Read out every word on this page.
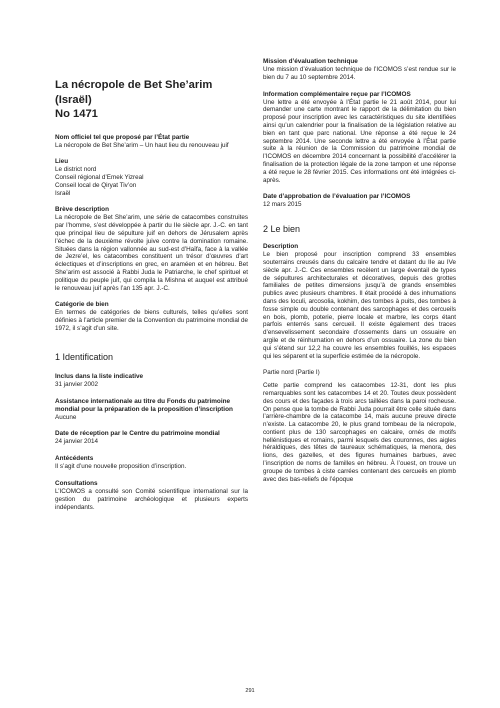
La nécropole de Bet She’arim
(Israël)
No 1471

Nom officiel tel que proposé par l’État partie

La nécropole de Bet She’arim – Un haut lieu du renouveau juif

Lieu

Le district nord
Conseil régional d’Emek Yizreal
Conseil local de Qiryat Tiv’on
Israël

Brève description

La nécropole de Bet She’arim, une série de catacombes construites par l’homme, s’est développée à partir du IIe siècle apr. J.-C. en tant que principal lieu de sépulture juif en dehors de Jérusalem après l’échec de la deuxième révolte juive contre la domination romaine. Situées dans la région vallonnée au sud-est d’Haïfa, face à la vallée de Jezre’el, les catacombes constituent un trésor d’œuvres d’art éclectiques et d’inscriptions en grec, en araméen et en hébreu. Bet She’arim est associé à Rabbi Juda le Patriarche, le chef spirituel et politique du peuple juif, qui compila la Mishna et auquel est attribué le renouveau juif après l’an 135 apr. J.-C.

Catégorie de bien

En termes de catégories de biens culturels, telles qu’elles sont définies à l’article premier de la Convention du patrimoine mondial de 1972, il s’agit d’un site.

1 Identification

Inclus dans la liste indicative

31 janvier 2002

Assistance internationale au titre du Fonds du patrimoine mondial pour la préparation de la proposition d’inscription

Aucune

Date de réception par le Centre du patrimoine mondial

24 janvier 2014

Antécédents

Il s’agit d’une nouvelle proposition d’inscription.

Consultations

L’ICOMOS a consulté son Comité scientifique international sur la gestion du patrimoine archéologique et plusieurs experts indépendants.

Mission d’évaluation technique

Une mission d’évaluation technique de l’ICOMOS s’est rendue sur le bien du 7 au 10 septembre 2014.

Information complémentaire reçue par l’ICOMOS

Une lettre a été envoyée à l’État partie le 21 août 2014, pour lui demander une carte montrant le rapport de la délimitation du bien proposé pour inscription avec les caractéristiques du site identifiées ainsi qu’un calendrier pour la finalisation de la législation relative au bien en tant que parc national. Une réponse a été reçue le 24 septembre 2014. Une seconde lettre a été envoyée à l’État partie suite à la réunion de la Commission du patrimoine mondial de l’ICOMOS en décembre 2014 concernant la possibilité d’accélérer la finalisation de la protection légale de la zone tampon et une réponse a été reçue le 28 février 2015. Ces informations ont été intégrées ci-après.

Date d’approbation de l’évaluation par l’ICOMOS

12 mars 2015

2 Le bien

Description

Le bien proposé pour inscription comprend 33 ensembles souterrains creusés dans du calcaire tendre et datant du IIe au IVe siècle apr. J.-C. Ces ensembles recèlent un large éventail de types de sépultures architecturales et décoratives, depuis des grottes familiales de petites dimensions jusqu’à de grands ensembles publics avec plusieurs chambres. Il était procédé à des inhumations dans des loculi, arcosolia, kokhim, des tombes à puits, des tombes à fosse simple ou double contenant des sarcophages et des cercueils en bois, plomb, poterie, pierre locale et marbre, les corps étant parfois enterrés sans cercueil. Il existe également des traces d’ensevelissement secondaire d’ossements dans un ossuaire en argile et de réinhumation en dehors d’un ossuaire. La zone du bien qui s’étend sur 12,2 ha couvre les ensembles fouillés, les espaces qui les séparent et la superficie estimée de la nécropole.

Partie nord (Partie I)

Cette partie comprend les catacombes 12-31, dont les plus remarquables sont les catacombes 14 et 20. Toutes deux possèdent des cours et des façades à trois arcs taillées dans la paroi rocheuse. On pense que la tombe de Rabbi Juda pourrait être celle située dans l’arrière-chambre de la catacombe 14, mais aucune preuve directe n’existe. La catacombe 20, le plus grand tombeau de la nécropole, contient plus de 130 sarcophages en calcaire, ornés de motifs hellénistiques et romains, parmi lesquels des couronnes, des aigles héraldiques, des têtes de taureaux schématiques, la menora, des lions, des gazelles, et des figures humaines barbues, avec l’inscription de noms de familles en hébreu. À l’ouest, on trouve un groupe de tombes à ciste carrées contenant des cercueils en plomb avec des bas-reliefs de l’époque

291
